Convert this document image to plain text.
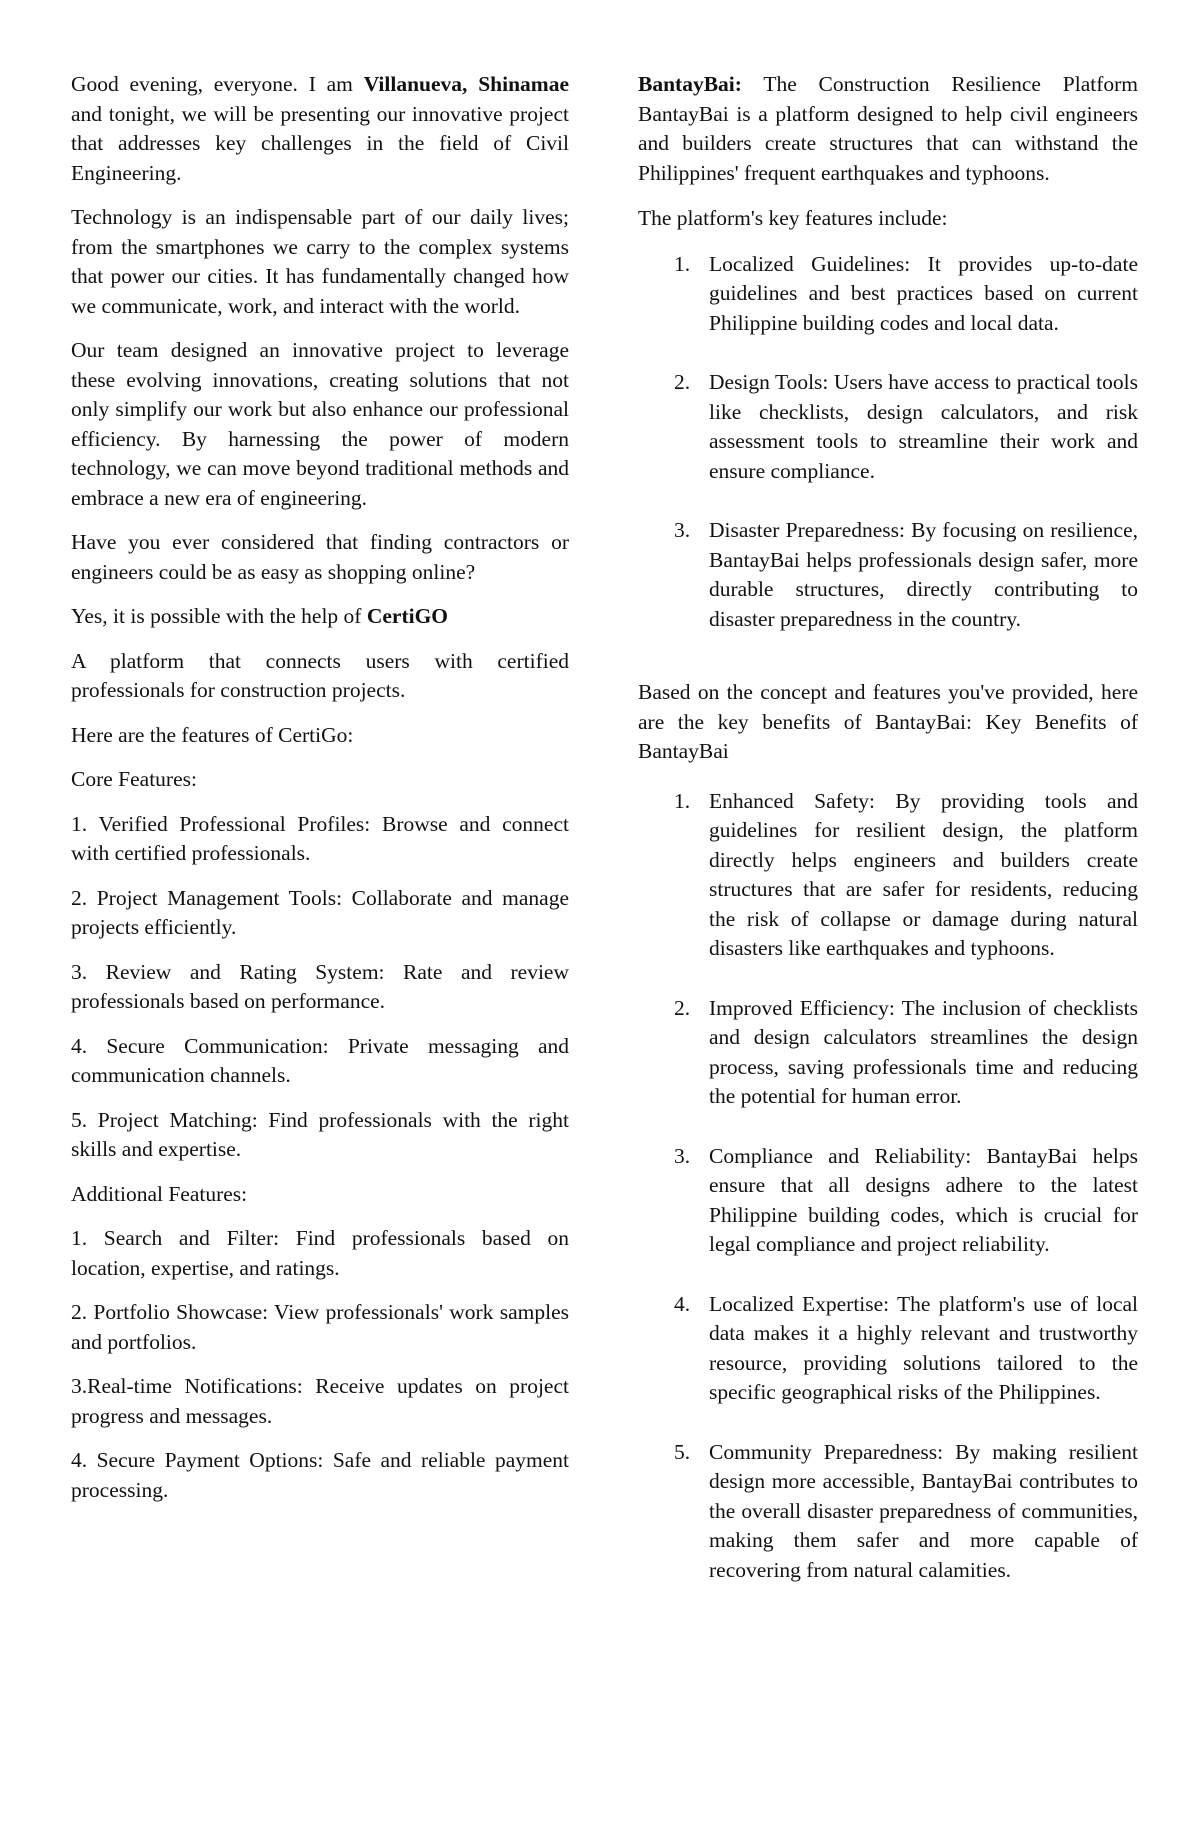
Good evening, everyone. I am Villanueva, Shinamae and tonight, we will be presenting our innovative project that addresses key challenges in the field of Civil Engineering.

Technology is an indispensable part of our daily lives; from the smartphones we carry to the complex systems that power our cities. It has fundamentally changed how we communicate, work, and interact with the world.

Our team designed an innovative project to leverage these evolving innovations, creating solutions that not only simplify our work but also enhance our professional efficiency. By harnessing the power of modern technology, we can move beyond traditional methods and embrace a new era of engineering.

Have you ever considered that finding contractors or engineers could be as easy as shopping online?

Yes, it is possible with the help of CertiGO

A platform that connects users with certified professionals for construction projects.

Here are the features of CertiGo:

Core Features:

1. Verified Professional Profiles: Browse and connect with certified professionals.

2. Project Management Tools: Collaborate and manage projects efficiently.

3. Review and Rating System: Rate and review professionals based on performance.

4. Secure Communication: Private messaging and communication channels.

5. Project Matching: Find professionals with the right skills and expertise.

Additional Features:

1. Search and Filter: Find professionals based on location, expertise, and ratings.

2. Portfolio Showcase: View professionals' work samples and portfolios.

3.Real-time Notifications: Receive updates on project progress and messages.

4. Secure Payment Options: Safe and reliable payment processing.

BantayBai: The Construction Resilience Platform BantayBai is a platform designed to help civil engineers and builders create structures that can withstand the Philippines' frequent earthquakes and typhoons.

The platform's key features include:

1. Localized Guidelines: It provides up-to-date guidelines and best practices based on current Philippine building codes and local data.
2. Design Tools: Users have access to practical tools like checklists, design calculators, and risk assessment tools to streamline their work and ensure compliance.
3. Disaster Preparedness: By focusing on resilience, BantayBai helps professionals design safer, more durable structures, directly contributing to disaster preparedness in the country.

Based on the concept and features you've provided, here are the key benefits of BantayBai: Key Benefits of BantayBai

1. Enhanced Safety: By providing tools and guidelines for resilient design, the platform directly helps engineers and builders create structures that are safer for residents, reducing the risk of collapse or damage during natural disasters like earthquakes and typhoons.
2. Improved Efficiency: The inclusion of checklists and design calculators streamlines the design process, saving professionals time and reducing the potential for human error.
3. Compliance and Reliability: BantayBai helps ensure that all designs adhere to the latest Philippine building codes, which is crucial for legal compliance and project reliability.
4. Localized Expertise: The platform's use of local data makes it a highly relevant and trustworthy resource, providing solutions tailored to the specific geographical risks of the Philippines.
5. Community Preparedness: By making resilient design more accessible, BantayBai contributes to the overall disaster preparedness of communities, making them safer and more capable of recovering from natural calamities.
